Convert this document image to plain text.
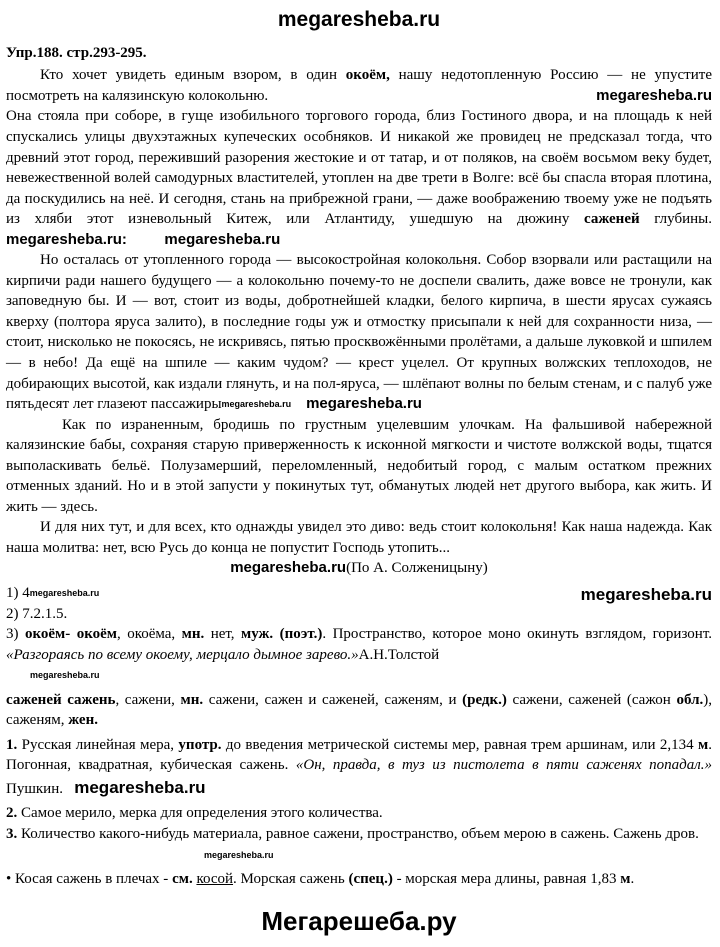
megaresheba.ru
Упр.188. стр.293-295.

Кто хочет увидеть единым взором, в один окоём, нашу недотопленную Россию — не упустите посмотреть на калязинскую колокольню.	megaresheba.ru

Она стояла при соборе, в гуще изобильного торгового города, близ Гостиного двора, и на площадь к ней спускались улицы двухэтажных купеческих особняков. И никакой же провидец не предсказал тогда, что древний этот город, переживший разорения жестокие и от татар, и от поляков, на своём восьмом веку будет, невежественной волей самодурных властителей, утоплен на две трети в Волге: всё бы спасла вторая плотина, да поскудились на неё. И сегодня, стань на прибрежной грани, — даже воображению твоему уже не подъять из хляби этот изневольный Китеж, или Атлантиду, ушедшую на дюжину саженей глубины. megaresheba.ru:	megaresheba.ru

Но осталась от утопленного города — высокостройная колокольня. Собор взорвали или растащили на кирпичи ради нашего будущего — а колокольню почему-то не доспели свалить, даже вовсе не тронули, как заповедную бы. И — вот, стоит из воды, добротнейшей кладки, белого кирпича, в шести ярусах сужаясь кверху (полтора яруса залито), в последние годы уж и отмостку присыпали к ней для сохранности низа, — стоит, нисколько не покосясь, не искривясь, пятью просквожёнными пролётами, а дальше луковкой и шпилем — в небо! Да ещё на шпиле — каким чудом? — крест уцелел. От крупных волжских теплоходов, не добирающих высотой, как издали глянуть, и на пол-яруса, — шлёпают волны по белым стенам, и с палуб уже пятьдесят лет глазеют пассажирыmegaresheba.ru megaresheba.ru

Как по израненным, бродишь по грустным уцелевшим улочкам. На фальшивой набережной калязинские бабы, сохраняя старую приверженность к исконной мягкости и чистоте волжской воды, тщатся выполаскивать бельё. Полузамерший, переломленный, недобитый город, с малым остатком прежних отменных зданий. Но и в этой запусти у покинутых тут, обманутых людей нет другого выбора, как жить. И жить — здесь.

И для них тут, и для всех, кто однажды увидел это диво: ведь стоит колокольня! Как наша надежда. Как наша молитва: нет, всю Русь до конца не попустит Господь утопить...

megaresheba.ru(По А. Солженицыну)

1) 4megaresheba.ru	megaresheba.ru

2) 7.2.1.5.

3) окоём- окоём, окоёма, мн. нет, муж. (поэт.). Пространство, которое моно окинуть взглядом, горизонт. «Разгораясь по всему окоему, мерцало дымное зарево.»А.Н.Толстой

megaresheba.ru

саженей сажень, сажени, мн. сажени, сажен и саженей, саженям, и (редк.) сажени, саженей (сажон обл.), саженям, жен.

1. Русская линейная мера, употр. до введения метрической системы мер, равная трем аршинам, или 2,134 м. Погонная, квадратная, кубическая сажень. «Он, правда, в туз из пистолета в пяти саженях попадал.» Пушкин.   megaresheba.ru

2. Самое мерило, мерка для определения этого количества.

3. Количество какого-нибудь материала, равное сажени, пространство, объем мерою в сажень. Сажень дров.

megaresheba.ru

• Косая сажень в плечах - см. косой. Морская сажень (спец.) - морская мера длины, равная 1,83 м.

Мегарешеба.ру
